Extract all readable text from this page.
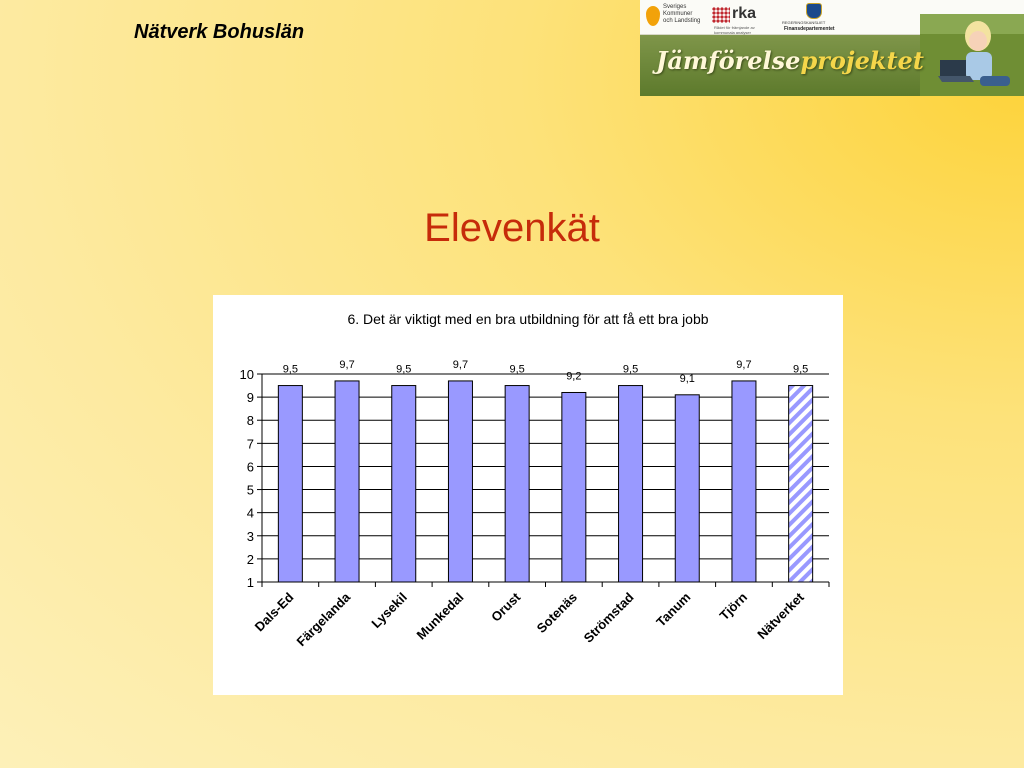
Nätverk Bohuslän
Sveriges
Kommuner
och Landsting rka
Rådet för främjande av kommunala analyser
REGERINGSKANSLIET
Finansdepartementet
Jämförelseprojektet
Elevenkät
6. Det är viktigt med en bra utbildning för att få ett bra jobb
1
2
3
4
5
6
7
8
9
10
Dals-Ed
Färgelanda Lysekil Munkedal Orust Sotenäs Strömstad Tanum Tjörn Nätverket
9,5	9,7	9,5	9,7	9,5
9,2
9,5
9,1
9,7	9,5
